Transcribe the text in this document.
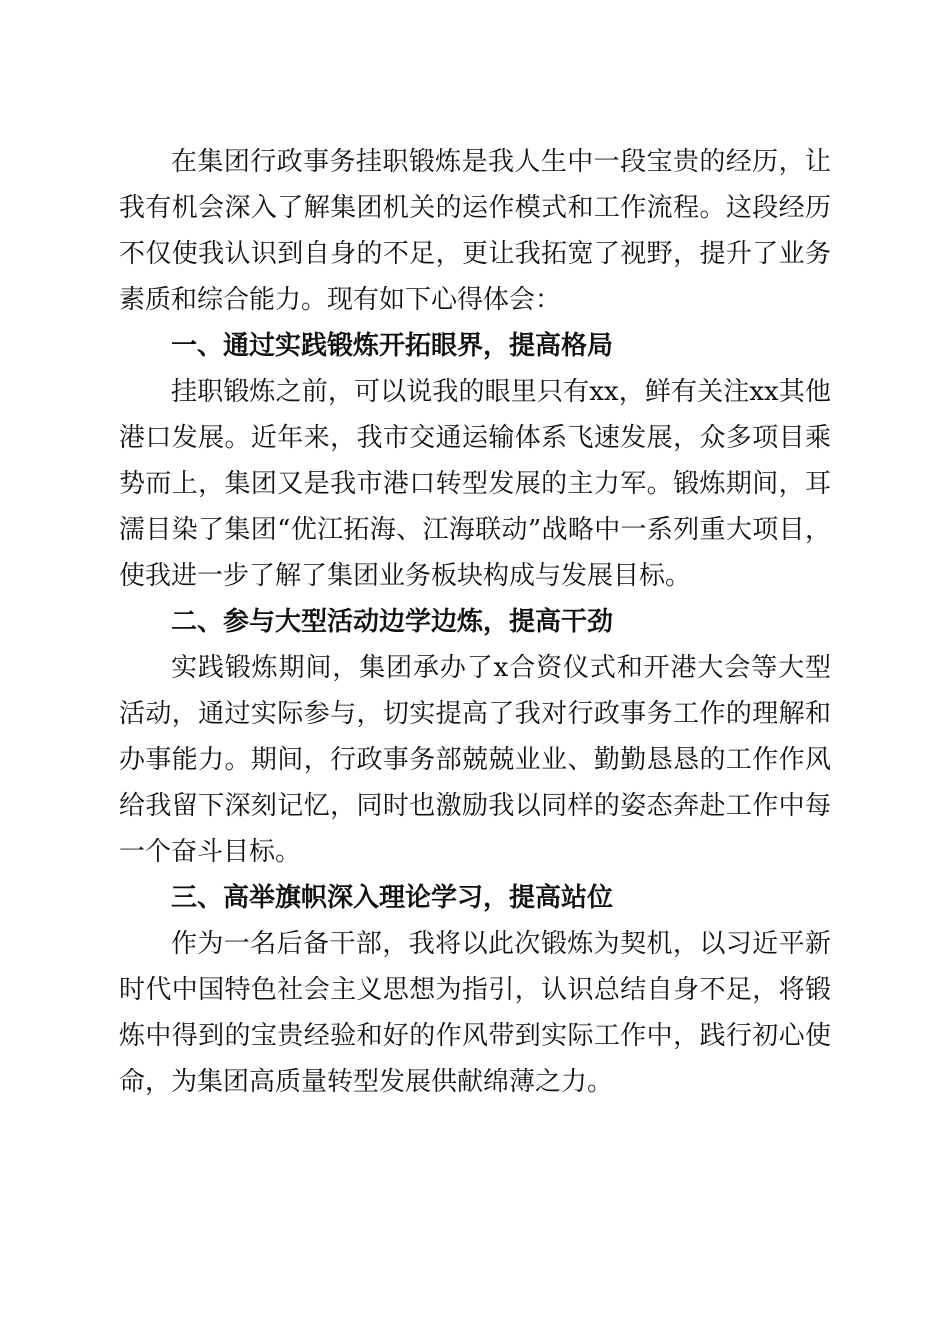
在集团行政事务挂职锻炼是我人生中一段宝贵的经历，让
我有机会深入了解集团机关的运作模式和工作流程。这段经历
不仅使我认识到自身的不足，更让我拓宽了视野，提升了业务
素质和综合能力。现有如下心得体会：
一、通过实践锻炼开拓眼界，提高格局
挂职锻炼之前，可以说我的眼里只有xx，鲜有关注xx其他
港口发展。近年来，我市交通运输体系飞速发展，众多项目乘
势而上，集团又是我市港口转型发展的主力军。锻炼期间，耳
濡目染了集团“优江拓海、江海联动”战略中一系列重大项目，
使我进一步了解了集团业务板块构成与发展目标。
二、参与大型活动边学边炼，提高干劲
实践锻炼期间，集团承办了x合资仪式和开港大会等大型
活动，通过实际参与，切实提高了我对行政事务工作的理解和
办事能力。期间，行政事务部兢兢业业、勤勤恳恳的工作作风
给我留下深刻记忆，同时也激励我以同样的姿态奔赴工作中每
一个奋斗目标。
三、高举旗帜深入理论学习，提高站位
作为一名后备干部，我将以此次锻炼为契机，以习近平新
时代中国特色社会主义思想为指引，认识总结自身不足，将锻
炼中得到的宝贵经验和好的作风带到实际工作中，践行初心使
命，为集团高质量转型发展供献绵薄之力。
